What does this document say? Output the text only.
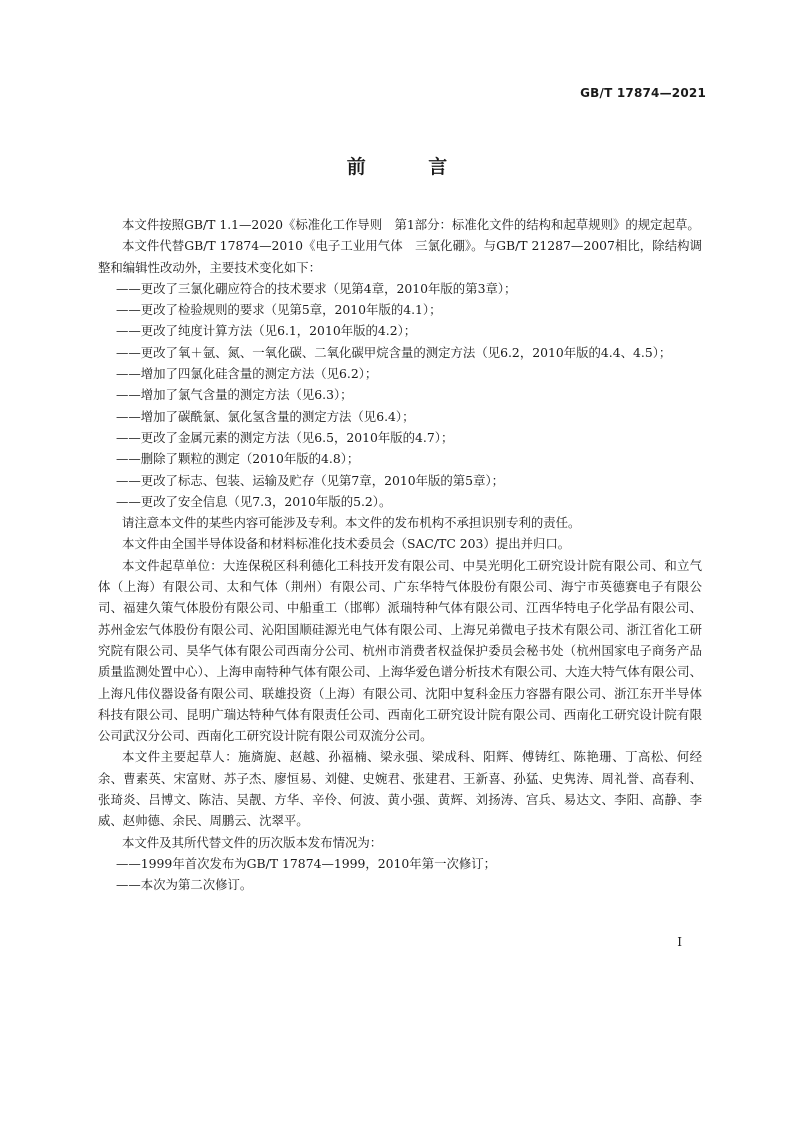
GB/T 17874—2021
前 言

本文件按照GB/T 1.1—2020《标准化工作导则　第1部分：标准化文件的结构和起草规则》的规定起草。

本文件代替GB/T 17874—2010《电子工业用气体　三氯化硼》。与GB/T 21287—2007相比，除结构调整和编辑性改动外，主要技术变化如下：

——更改了三氯化硼应符合的技术要求（见第4章，2010年版的第3章）；

——更改了检验规则的要求（见第5章，2010年版的4.1）；

——更改了纯度计算方法（见6.1，2010年版的4.2）；

——更改了氧＋氩、氮、一氧化碳、二氧化碳甲烷含量的测定方法（见6.2，2010年版的4.4、4.5）；

——增加了四氯化硅含量的测定方法（见6.2）；

——增加了氯气含量的测定方法（见6.3）；

——增加了碳酰氯、氯化氢含量的测定方法（见6.4）；

——更改了金属元素的测定方法（见6.5，2010年版的4.7）；

——删除了颗粒的测定（2010年版的4.8）；

——更改了标志、包装、运输及贮存（见第7章，2010年版的第5章）；

——更改了安全信息（见7.3，2010年版的5.2）。

请注意本文件的某些内容可能涉及专利。本文件的发布机构不承担识别专利的责任。

本文件由全国半导体设备和材料标准化技术委员会（SAC/TC 203）提出并归口。

本文件起草单位：大连保税区科利德化工科技开发有限公司、中昊光明化工研究设计院有限公司、和立气体（上海）有限公司、太和气体（荆州）有限公司、广东华特气体股份有限公司、海宁市英德赛电子有限公司、福建久策气体股份有限公司、中船重工（邯郸）派瑞特种气体有限公司、江西华特电子化学品有限公司、苏州金宏气体股份有限公司、沁阳国顺硅源光电气体有限公司、上海兄弟微电子技术有限公司、浙江省化工研究院有限公司、昊华气体有限公司西南分公司、杭州市消费者权益保护委员会秘书处（杭州国家电子商务产品质量监测处置中心）、上海申南特种气体有限公司、上海华爱色谱分析技术有限公司、大连大特气体有限公司、上海凡伟仪器设备有限公司、联雄投资（上海）有限公司、沈阳中复科金压力容器有限公司、浙江东开半导体科技有限公司、昆明广瑞达特种气体有限责任公司、西南化工研究设计院有限公司、西南化工研究设计院有限公司武汉分公司、西南化工研究设计院有限公司双流分公司。

本文件主要起草人：施旖旎、赵越、孙福楠、梁永强、梁成科、阳辉、傅铸红、陈艳珊、丁高松、何经余、曹素英、宋富财、苏子杰、廖恒易、刘健、史婉君、张建君、王新喜、孙猛、史隽涛、周礼誉、高春利、张琦炎、吕博文、陈洁、吴靓、方华、辛伶、何波、黄小强、黄辉、刘扬涛、宫兵、易达文、李阳、高静、李威、赵帅德、余民、周鹏云、沈翠平。

本文件及其所代替文件的历次版本发布情况为：

——1999年首次发布为GB/T 17874—1999，2010年第一次修订；

——本次为第二次修订。

I
